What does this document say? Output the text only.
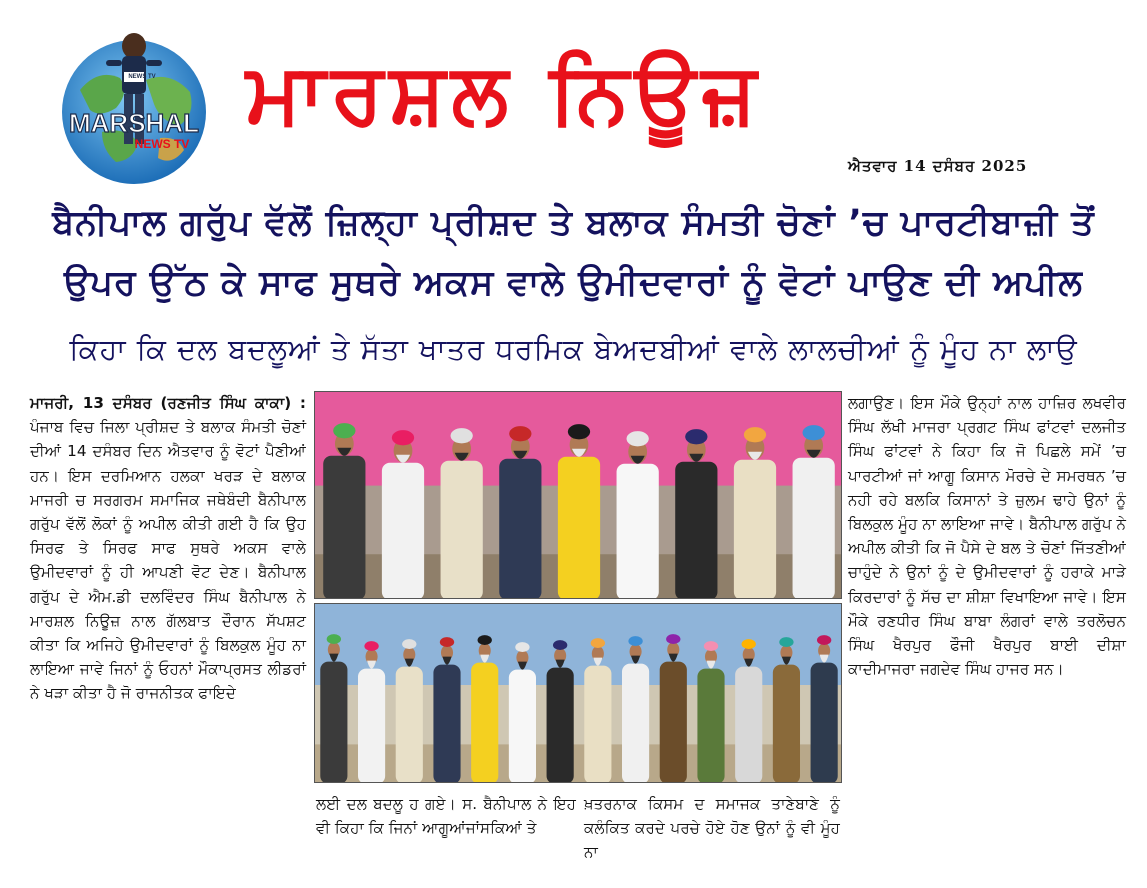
MARSHAL
NEWS TV
NEWS TV ਮਾਰਸ਼ਲ ਨਿਊਜ਼
ਐਤਵਾਰ 14 ਦਸੰਬਰ 2025
ਬੈਨੀਪਾਲ ਗਰੁੱਪ ਵੱਲੋਂ ਜ਼ਿਲ੍ਹਾ ਪ੍ਰੀਸ਼ਦ ਤੇ ਬਲਾਕ ਸੰਮਤੀ ਚੋਣਾਂ ’ਚ ਪਾਰਟੀਬਾਜ਼ੀ ਤੋਂ
ਉਪਰ ਉੱਠ ਕੇ ਸਾਫ ਸੁਥਰੇ ਅਕਸ ਵਾਲੇ ਉਮੀਦਵਾਰਾਂ ਨੂੰ ਵੋਟਾਂ ਪਾਉਣ ਦੀ ਅਪੀਲ
ਕਿਹਾ ਕਿ ਦਲ ਬਦਲੂਆਂ ਤੇ ਸੱਤਾ ਖਾਤਰ ਧਰਮਿਕ ਬੇਅਦਬੀਆਂ ਵਾਲੇ ਲਾਲਚੀਆਂ ਨੂੰ ਮੂੰਹ ਨਾ ਲਾਉ
ਮਾਜਰੀ, 13 ਦਸੰਬਰ (ਰਣਜੀਤ ਸਿੰਘ ਕਾਕਾ) : ਪੰਜਾਬ ਵਿਚ ਜਿਲਾ ਪ੍ਰੀਸ਼ਦ ਤੇ ਬਲਾਕ ਸੰਮਤੀ ਚੋਣਾਂ ਦੀਆਂ 14 ਦਸੰਬਰ ਦਿਨ ਐਤਵਾਰ ਨੂੰ ਵੋਟਾਂ ਪੈਣੀਆਂ ਹਨ। ਇਸ ਦਰਮਿਆਨ ਹਲਕਾ ਖਰੜ ਦੇ ਬਲਾਕ ਮਾਜਰੀ ਚ ਸਰਗਰਮ ਸਮਾਜਿਕ ਜਥੇਬੰਦੀ ਬੈਨੀਪਾਲ ਗਰੁੱਪ ਵੱਲੋਂ ਲੋਕਾਂ ਨੂੰ ਅਪੀਲ ਕੀਤੀ ਗਈ ਹੈ ਕਿ ਉਹ ਸਿਰਫ ਤੇ ਸਿਰਫ ਸਾਫ ਸੁਥਰੇ ਅਕਸ ਵਾਲੇ ਉਮੀਦਵਾਰਾਂ ਨੂੰ ਹੀ ਆਪਣੀ ਵੋਟ ਦੇਣ। ਬੈਨੀਪਾਲ ਗਰੁੱਪ ਦੇ ਐਮ.ਡੀ ਦਲਵਿੰਦਰ ਸਿੰਘ ਬੈਨੀਪਾਲ ਨੇ ਮਾਰਸ਼ਲ ਨਿਊਜ਼ ਨਾਲ ਗੱਲਬਾਤ ਦੌਰਾਨ ਸੱਪਸ਼ਟ ਕੀਤਾ ਕਿ ਅਜਿਹੇ ਉਮੀਦਵਾਰਾਂ ਨੂੰ ਬਿਲਕੁਲ ਮੂੰਹ ਨਾ ਲਾਇਆ ਜਾਵੇ ਜਿਨਾਂ ਨੂੰ ਓਹਨਾਂ ਮੌਕਾਪ੍ਰਸਤ ਲੀਡਰਾਂ ਨੇ ਖੜਾ ਕੀਤਾ ਹੈ ਜੋ ਰਾਜਨੀਤਕ ਫਾਇਦੇ
ਲਈ ਦਲ ਬਦਲੂ ਹ ਗਏ। ਸ. ਬੈਨੀਪਾਲ ਨੇ ਇਹ ਵੀ ਕਿਹਾ ਕਿ ਜਿਨਾਂ ਆਗੂਆਂਜਾਂਸਕਿਆਂ ਤੇ
ਖ਼ਤਰਨਾਕ ਕਿਸਮ ਦ ਸਮਾਜਕ ਤਾਣੇਬਾਣੇ ਨੂੰ ਕਲੰਕਿਤ ਕਰਦੇ ਪਰਚੇ ਹੋਏ ਹੋਣ ਉਨਾਂ ਨੂੰ ਵੀ ਮੂੰਹ ਨਾ
ਲਗਾਉਣ। ਇਸ ਮੌਕੇ ਉਨ੍ਹਾਂ ਨਾਲ ਹਾਜ਼ਿਰ ਲਖਵੀਰ ਸਿੰਘ ਲੱਖੀ ਮਾਜਰਾ ਪ੍ਰਗਟ ਸਿੰਘ ਫਾਂਟਵਾਂ ਦਲਜੀਤ ਸਿੰਘ ਫਾਂਟਵਾਂ ਨੇ ਕਿਹਾ ਕਿ ਜੋ ਪਿਛਲੇ ਸਮੇਂ ’ਚ ਪਾਰਟੀਆਂ ਜਾਂ ਆਗੂ ਕਿਸਾਨ ਮੋਰਚੇ ਦੇ ਸਮਰਥਨ ’ਚ ਨਹੀ ਰਹੇ ਬਲਕਿ ਕਿਸਾਨਾਂ ਤੇ ਜ਼ੁਲਮ ਢਾਹੇ ਉਨਾਂ ਨੂੰ ਬਿਲਕੁਲ ਮੂੰਹ ਨਾ ਲਾਇਆ ਜਾਵੇ। ਬੈਨੀਪਾਲ ਗਰੁੱਪ ਨੇ ਅਪੀਲ ਕੀਤੀ ਕਿ ਜੋ ਪੈਸੇ ਦੇ ਬਲ ਤੇ ਚੋਣਾਂ ਜਿੱਤਣੀਆਂ ਚਾਹੁੰਦੇ ਨੇ ਉਨਾਂ ਨੂੰ ਦੇ ਉਮੀਦਵਾਰਾਂ ਨੂੰ ਹਰਾਕੇ ਮਾੜੇ ਕਿਰਦਾਰਾਂ ਨੂੰ ਸੱਚ ਦਾ ਸ਼ੀਸ਼ਾ ਵਿਖਾਇਆ ਜਾਵੇ। ਇਸ ਮੌਕੇ ਰਣਧੀਰ ਸਿੰਘ ਬਾਬਾ ਲੰਗਰਾਂ ਵਾਲੇ ਤਰਲੋਚਨ ਸਿੰਘ ਖੈਰਪੁਰ ਫੌਜੀ ਖੈਰਪੁਰ ਬਾਈ ਦੀਸ਼ਾ ਕਾਦੀਮਾਜਰਾ ਜਗਦੇਵ ਸਿੰਘ ਹਾਜਰ ਸਨ।
